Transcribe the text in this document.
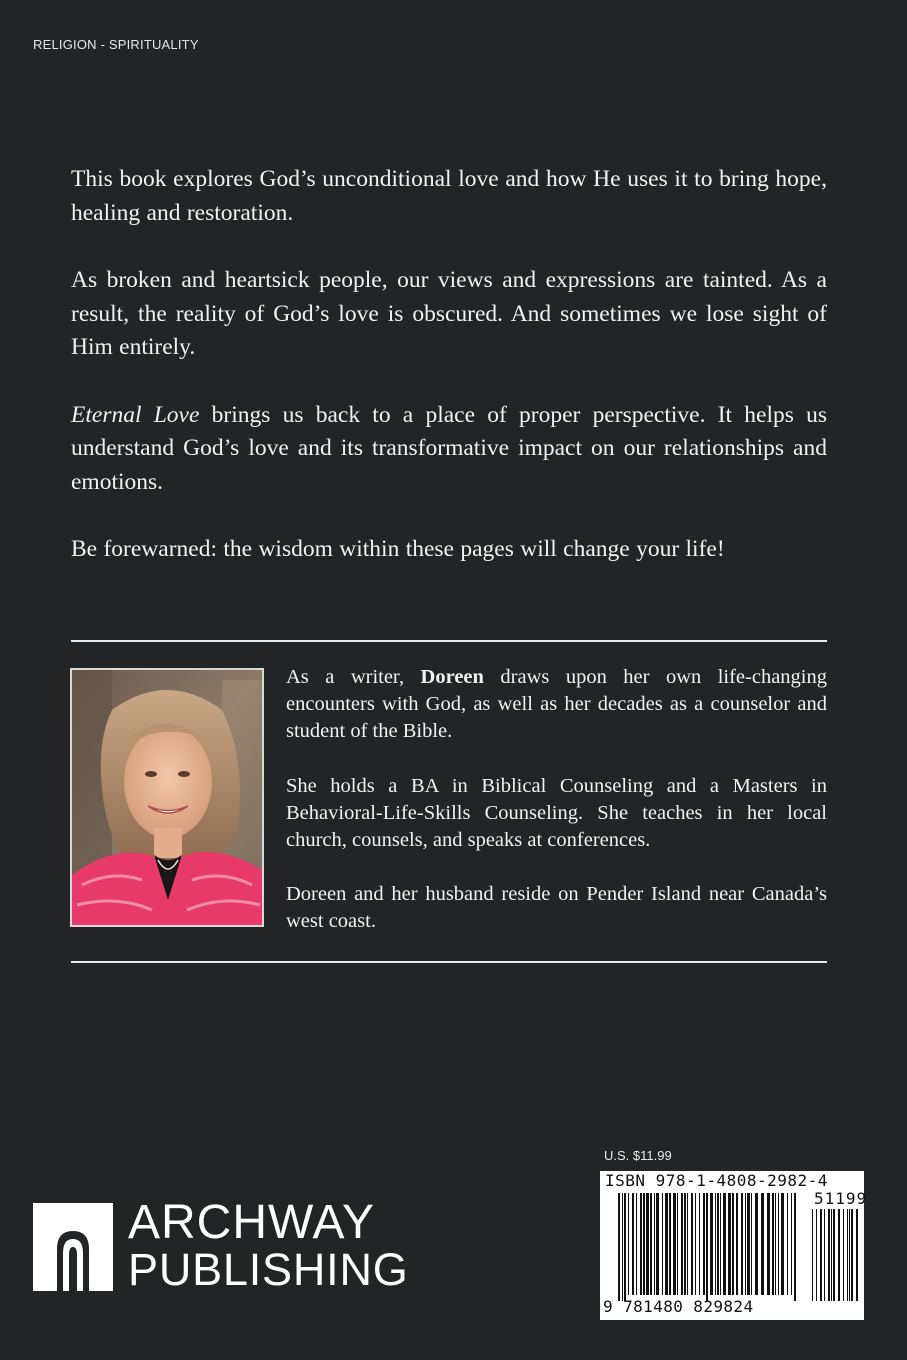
RELIGION - SPIRITUALITY

This book explores God’s unconditional love and how He uses it to bring hope, healing and restoration.

As broken and heartsick people, our views and expressions are tainted. As a result, the reality of God’s love is obscured. And sometimes we lose sight of Him entirely.

Eternal Love brings us back to a place of proper perspective. It helps us understand God’s love and its transformative impact on our relationships and emotions.

Be forewarned: the wisdom within these pages will change your life!

As a writer, Doreen draws upon her own life-changing encounters with God, as well as her decades as a counselor and student of the Bible.

She holds a BA in Biblical Counseling and a Masters in Behavioral-Life-Skills Counseling. She teaches in her local church, counsels, and speaks at conferences.

Doreen and her husband reside on Pender Island near Canada’s west coast.

ARCHWAY
PUBLISHING
U.S. $11.99
ISBN 978-1-4808-2982-4
51199
9 781480 829824
